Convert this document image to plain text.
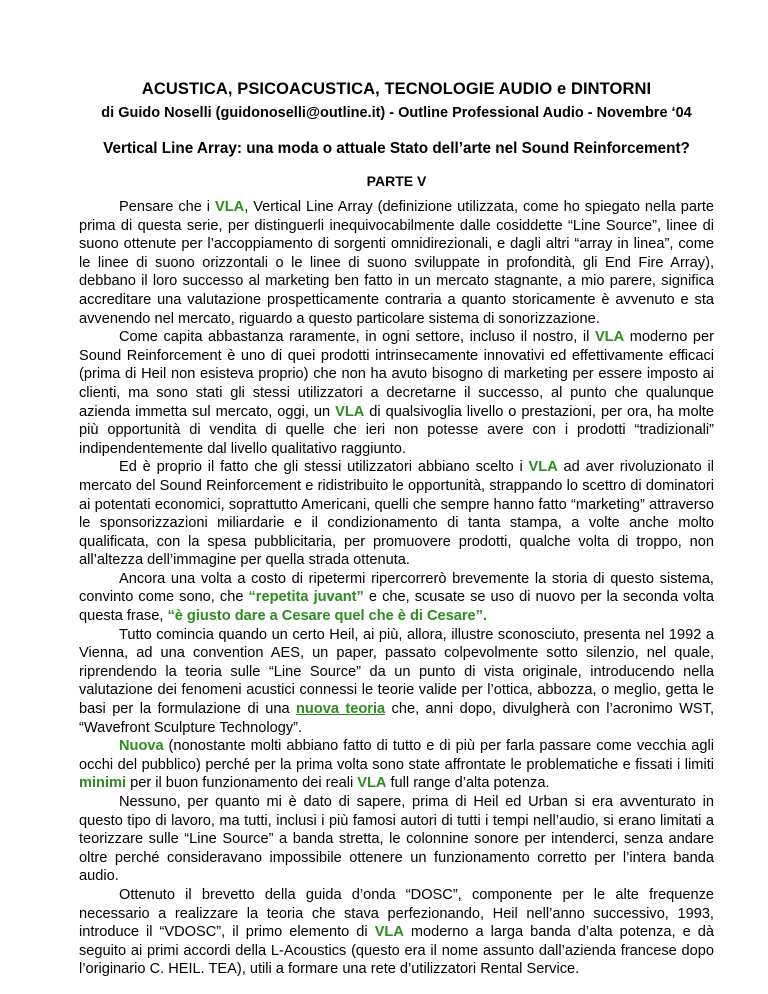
ACUSTICA, PSICOACUSTICA, TECNOLOGIE AUDIO e DINTORNI
di Guido Noselli (guidonoselli@outline.it) - Outline Professional Audio - Novembre ‘04
Vertical Line Array: una moda o attuale Stato dell’arte nel Sound Reinforcement?
PARTE V

Pensare che i VLA, Vertical Line Array (definizione utilizzata, come ho spiegato nella parte prima di questa serie, per distinguerli inequivocabilmente dalle cosiddette “Line Source”, linee di suono ottenute per l’accoppiamento di sorgenti omnidirezionali, e dagli altri “array in linea”, come le linee di suono orizzontali o le linee di suono sviluppate in profondità, gli End Fire Array), debbano il loro successo al marketing ben fatto in un mercato stagnante, a mio parere, significa accreditare una valutazione prospetticamente contraria a quanto storicamente è avvenuto e sta avvenendo nel mercato, riguardo a questo particolare sistema di sonorizzazione.

Come capita abbastanza raramente, in ogni settore, incluso il nostro, il VLA moderno per Sound Reinforcement è uno di quei prodotti intrinsecamente innovativi ed effettivamente efficaci (prima di Heil non esisteva proprio) che non ha avuto bisogno di marketing per essere imposto ai clienti, ma sono stati gli stessi utilizzatori a decretarne il successo, al punto che qualunque azienda immetta sul mercato, oggi, un VLA di qualsivoglia livello o prestazioni, per ora, ha molte più opportunità di vendita di quelle che ieri non potesse avere con i prodotti “tradizionali” indipendentemente dal livello qualitativo raggiunto.

Ed è proprio il fatto che gli stessi utilizzatori abbiano scelto i VLA ad aver rivoluzionato il mercato del Sound Reinforcement e ridistribuito le opportunità, strappando lo scettro di dominatori ai potentati economici, soprattutto Americani, quelli che sempre hanno fatto “marketing” attraverso le sponsorizzazioni miliardarie e il condizionamento di tanta stampa, a volte anche molto qualificata, con la spesa pubblicitaria, per promuovere prodotti, qualche volta di troppo, non all’altezza dell’immagine per quella strada ottenuta.

Ancora una volta a costo di ripetermi ripercorrerò brevemente la storia di questo sistema, convinto come sono, che “repetita juvant” e che, scusate se uso di nuovo per la seconda volta questa frase, “è giusto dare a Cesare quel che è di Cesare”.

Tutto comincia quando un certo Heil, ai più, allora, illustre sconosciuto, presenta nel 1992 a Vienna, ad una convention AES, un paper, passato colpevolmente sotto silenzio, nel quale, riprendendo la teoria sulle “Line Source” da un punto di vista originale, introducendo nella valutazione dei fenomeni acustici connessi le teorie valide per l’ottica, abbozza, o meglio, getta le basi per la formulazione di una nuova teoria che, anni dopo, divulgherà con l’acronimo WST, “Wavefront Sculpture Technology”.

Nuova (nonostante molti abbiano fatto di tutto e di più per farla passare come vecchia agli occhi del pubblico) perché per la prima volta sono state affrontate le problematiche e fissati i limiti minimi per il buon funzionamento dei reali VLA full range d’alta potenza.

Nessuno, per quanto mi è dato di sapere, prima di Heil ed Urban si era avventurato in questo tipo di lavoro, ma tutti, inclusi i più famosi autori di tutti i tempi nell’audio, si erano limitati a teorizzare sulle “Line Source” a banda stretta, le colonnine sonore per intenderci, senza andare oltre perché consideravano impossibile ottenere un funzionamento corretto per l’intera banda audio.

Ottenuto il brevetto della guida d’onda “DOSC”, componente per le alte frequenze necessario a realizzare la teoria che stava perfezionando, Heil nell’anno successivo, 1993, introduce il “VDOSC”, il primo elemento di VLA moderno a larga banda d’alta potenza, e dà seguito ai primi accordi della L-Acoustics (questo era il nome assunto dall’azienda francese dopo l’originario C. HEIL. TEA), utili a formare una rete d’utilizzatori Rental Service.
